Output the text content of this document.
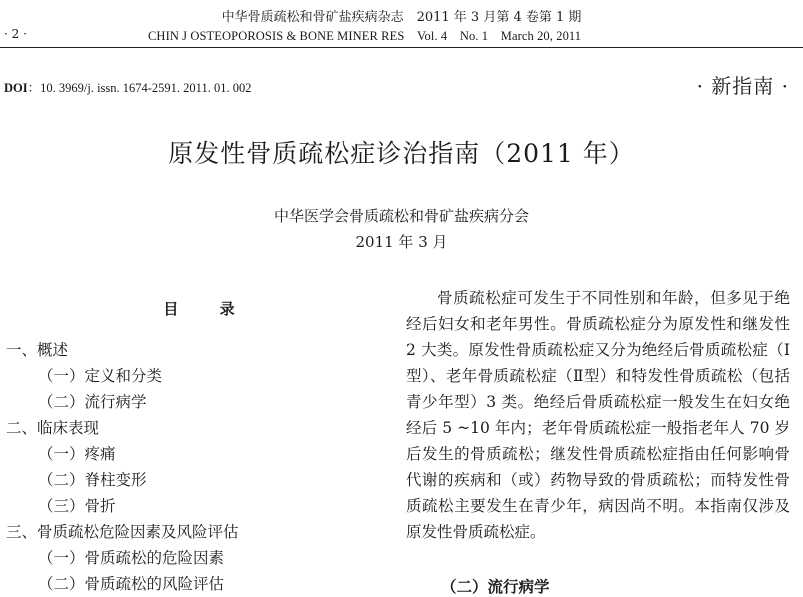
中华骨质疏松和骨矿盐疾病杂志　2011 年 3 月第 4 卷第 1 期
· 2 ·	CHIN J OSTEOPOROSIS & BONE MINER RES　Vol. 4　No. 1　March 20, 2011
DOI：10. 3969/j. issn. 1674-2591. 2011. 01. 002	· 新指南 ·
原发性骨质疏松症诊治指南（2011 年）
中华医学会骨质疏松和骨矿盐疾病分会
2011 年 3 月
目 录
一、概述
（一）定义和分类
（二）流行病学
二、临床表现
（一）疼痛
（二）脊柱变形
（三）骨折
三、骨质疏松危险因素及风险评估
（一）骨质疏松的危险因素
（二）骨质疏松的风险评估

骨质疏松症可发生于不同性别和年龄，但多见于绝经后妇女和老年男性。骨质疏松症分为原发性和继发性 2 大类。原发性骨质疏松症又分为绝经后骨质疏松症（Ⅰ型）、老年骨质疏松症（Ⅱ型）和特发性骨质疏松（包括青少年型）3 类。绝经后骨质疏松症一般发生在妇女绝经后 5 ~10 年内；老年骨质疏松症一般指老年人 70 岁后发生的骨质疏松；继发性骨质疏松症指由任何影响骨代谢的疾病和（或）药物导致的骨质疏松；而特发性骨质疏松主要发生在青少年，病因尚不明。本指南仅涉及原发性骨质疏松症。

（二）流行病学
